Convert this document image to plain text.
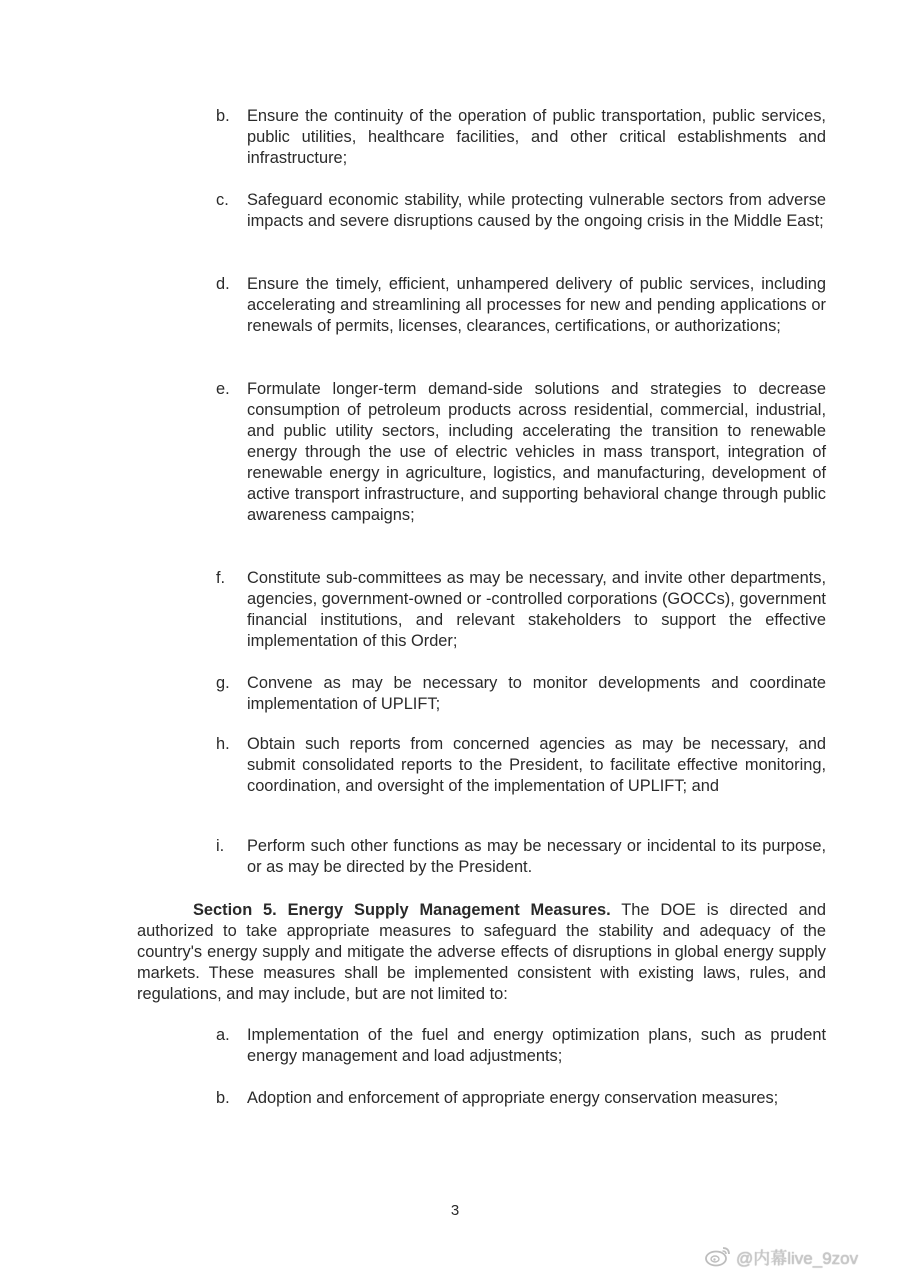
b.	Ensure the continuity of the operation of public transportation, public services, public utilities, healthcare facilities, and other critical establishments and infrastructure;
c.	Safeguard economic stability, while protecting vulnerable sectors from adverse impacts and severe disruptions caused by the ongoing crisis in the Middle East;
d.	Ensure the timely, efficient, unhampered delivery of public services, including accelerating and streamlining all processes for new and pending applications or renewals of permits, licenses, clearances, certifications, or authorizations;
e.	Formulate longer-term demand-side solutions and strategies to decrease consumption of petroleum products across residential, commercial, industrial, and public utility sectors, including accelerating the transition to renewable energy through the use of electric vehicles in mass transport, integration of renewable energy in agriculture, logistics, and manufacturing, development of active transport infrastructure, and supporting behavioral change through public awareness campaigns;
f.	Constitute sub-committees as may be necessary, and invite other departments, agencies, government-owned or -controlled corporations (GOCCs), government financial institutions, and relevant stakeholders to support the effective implementation of this Order;
g.	Convene as may be necessary to monitor developments and coordinate implementation of UPLIFT;
h.	Obtain such reports from concerned agencies as may be necessary, and submit consolidated reports to the President, to facilitate effective monitoring, coordination, and oversight of the implementation of UPLIFT; and
i.	Perform such other functions as may be necessary or incidental to its purpose, or as may be directed by the President.

Section 5. Energy Supply Management Measures. The DOE is directed and authorized to take appropriate measures to safeguard the stability and adequacy of the country's energy supply and mitigate the adverse effects of disruptions in global energy supply markets. These measures shall be implemented consistent with existing laws, rules, and regulations, and may include, but are not limited to:

a.	Implementation of the fuel and energy optimization plans, such as prudent energy management and load adjustments;
b.	Adoption and enforcement of appropriate energy conservation measures;
3
@内幕live_9zov
